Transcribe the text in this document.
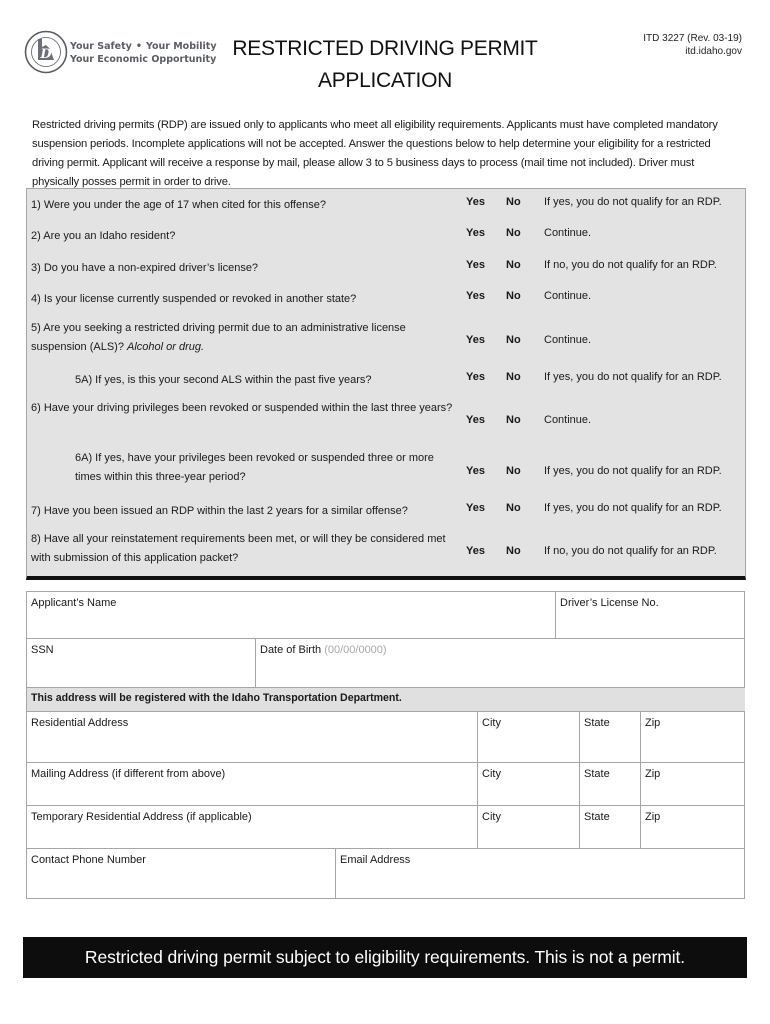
D
Your Safety • Your Mobility
Your Economic Opportunity RESTRICTED DRIVING PERMIT
APPLICATION
ITD 3227 (Rev. 03-19)
itd.idaho.gov

Restricted driving permits (RDP) are issued only to applicants who meet all eligibility requirements. Applicants must have completed mandatory suspension periods. Incomplete applications will not be accepted. Answer the questions below to help determine your eligibility for a restricted driving permit. Applicant will receive a response by mail, please allow 3 to 5 business days to process (mail time not included). Driver must physically posses permit in order to drive.

1) Were you under the age of 17 when cited for this offense?	Yes No If yes, you do not qualify for an RDP.
2) Are you an Idaho resident?	Yes No Continue.
3) Do you have a non-expired driver’s license?	Yes No If no, you do not qualify for an RDP.
4) Is your license currently suspended or revoked in another state?	Yes No Continue.
5) Are you seeking a restricted driving permit due to an administrative license suspension (ALS)? Alcohol or drug.
Yes No Continue.
5A) If yes, is this your second ALS within the past five years?	Yes No If yes, you do not qualify for an RDP.
6) Have your driving privileges been revoked or suspended within the last three years?
Yes No Continue.
6A) If yes, have your privileges been revoked or suspended three or more times within this three-year period?	Yes No If yes, you do not qualify for an RDP.
7) Have you been issued an RDP within the last 2 years for a similar offense?	Yes No If yes, you do not qualify for an RDP.
8) Have all your reinstatement requirements been met, or will they be considered met with submission of this application packet?
Yes No If no, you do not qualify for an RDP.
Applicant’s Name	Driver’s License No.
SSN	Date of Birth (00/00/0000)
This address will be registered with the Idaho Transportation Department.
Residential Address	City	State	Zip
Mailing Address (if different from above)	City	State	Zip
Temporary Residential Address (if applicable)	City	State	Zip
Contact Phone Number	Email Address
Restricted driving permit subject to eligibility requirements. This is not a permit.
